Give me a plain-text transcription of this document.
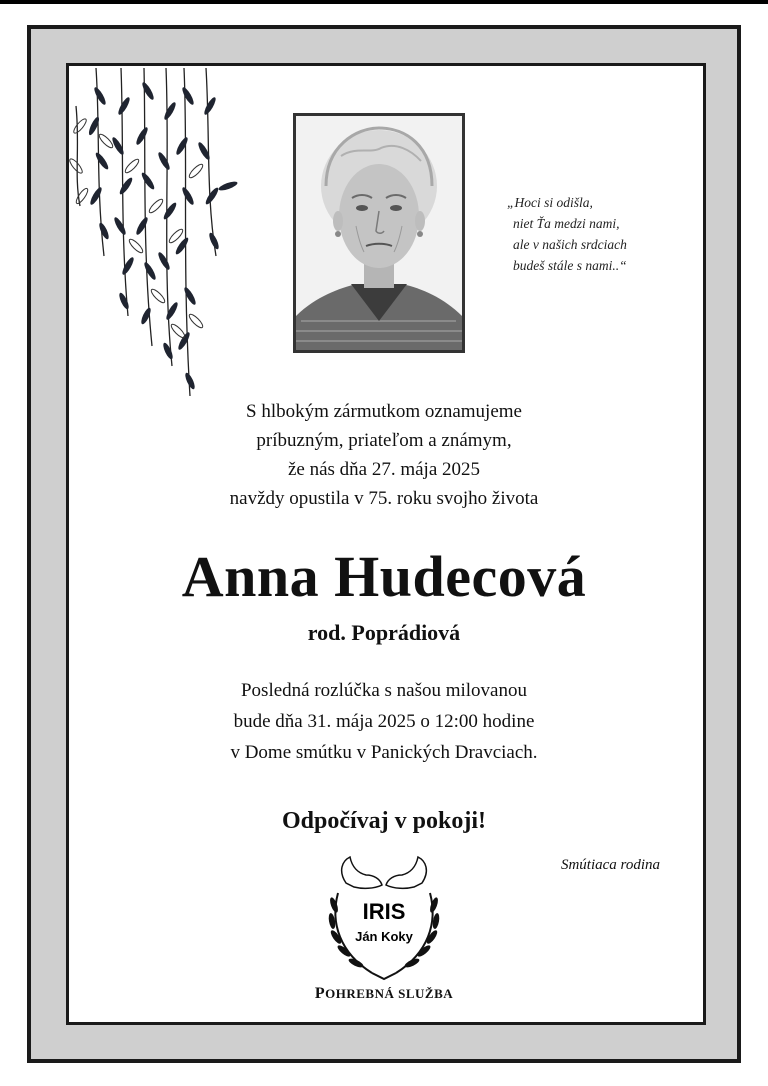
„Hoci si odišla,
niet Ťa medzi nami,
ale v našich srdciach
budeš stále s nami..“
S hlbokým zármutkom oznamujeme
príbuzným, priateľom a známym,
že nás dňa 27. mája 2025
navždy opustila v 75. roku svojho života
Anna Hudecová
rod. Poprádiová
Posledná rozlúčka s našou milovanou
bude dňa 31. mája 2025 o 12:00 hodine
v Dome smútku v Panických Dravciach.
Odpočívaj v pokoji!
Smútiaca rodina
IRIS
Ján Koky
POHREBNÁ SLUŽBA
